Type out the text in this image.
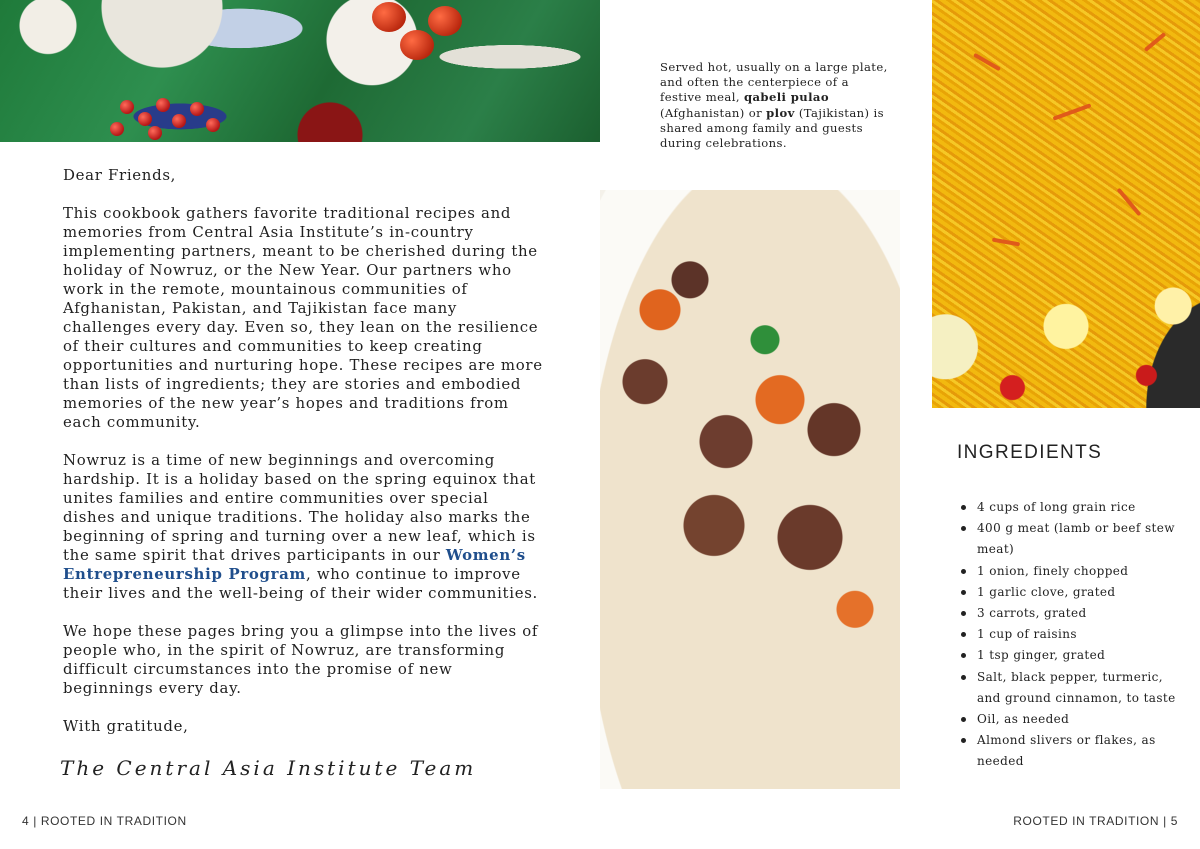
Served hot, usually on a large plate, and often the centerpiece of a festive meal, qabeli pulao (Afghanistan) or plov (Tajikistan) is shared among family and guests during celebrations.

Dear Friends,

This cookbook gathers favorite traditional recipes and memories from Central Asia Institute’s in-country implementing partners, meant to be cherished during the holiday of Nowruz, or the New Year. Our partners who work in the remote, mountainous communities of Afghanistan, Pakistan, and Tajikistan face many challenges every day. Even so, they lean on the resilience of their cultures and communities to keep creating opportunities and nurturing hope. These recipes are more than lists of ingredients; they are stories and embodied memories of the new year’s hopes and traditions from each community.

Nowruz is a time of new beginnings and overcoming hardship. It is a holiday based on the spring equinox that unites families and entire communities over special dishes and unique traditions. The holiday also marks the beginning of spring and turning over a new leaf, which is the same spirit that drives participants in our Women’s Entrepreneurship Program, who continue to improve their lives and the well-being of their wider communities.

We hope these pages bring you a glimpse into the lives of people who, in the spirit of Nowruz, are transforming difficult circumstances into the promise of new beginnings every day.

With gratitude,

The Central Asia Institute Team
INGREDIENTS
4 cups of long grain rice
400 g meat (lamb or beef stew meat)
1 onion, finely chopped
1 garlic clove, grated
3 carrots, grated
1 cup of raisins
1 tsp ginger, grated
Salt, black pepper, turmeric, and ground cinnamon, to taste
Oil, as needed
Almond slivers or flakes, as needed
4 | ROOTED IN TRADITION	ROOTED IN TRADITION | 5
